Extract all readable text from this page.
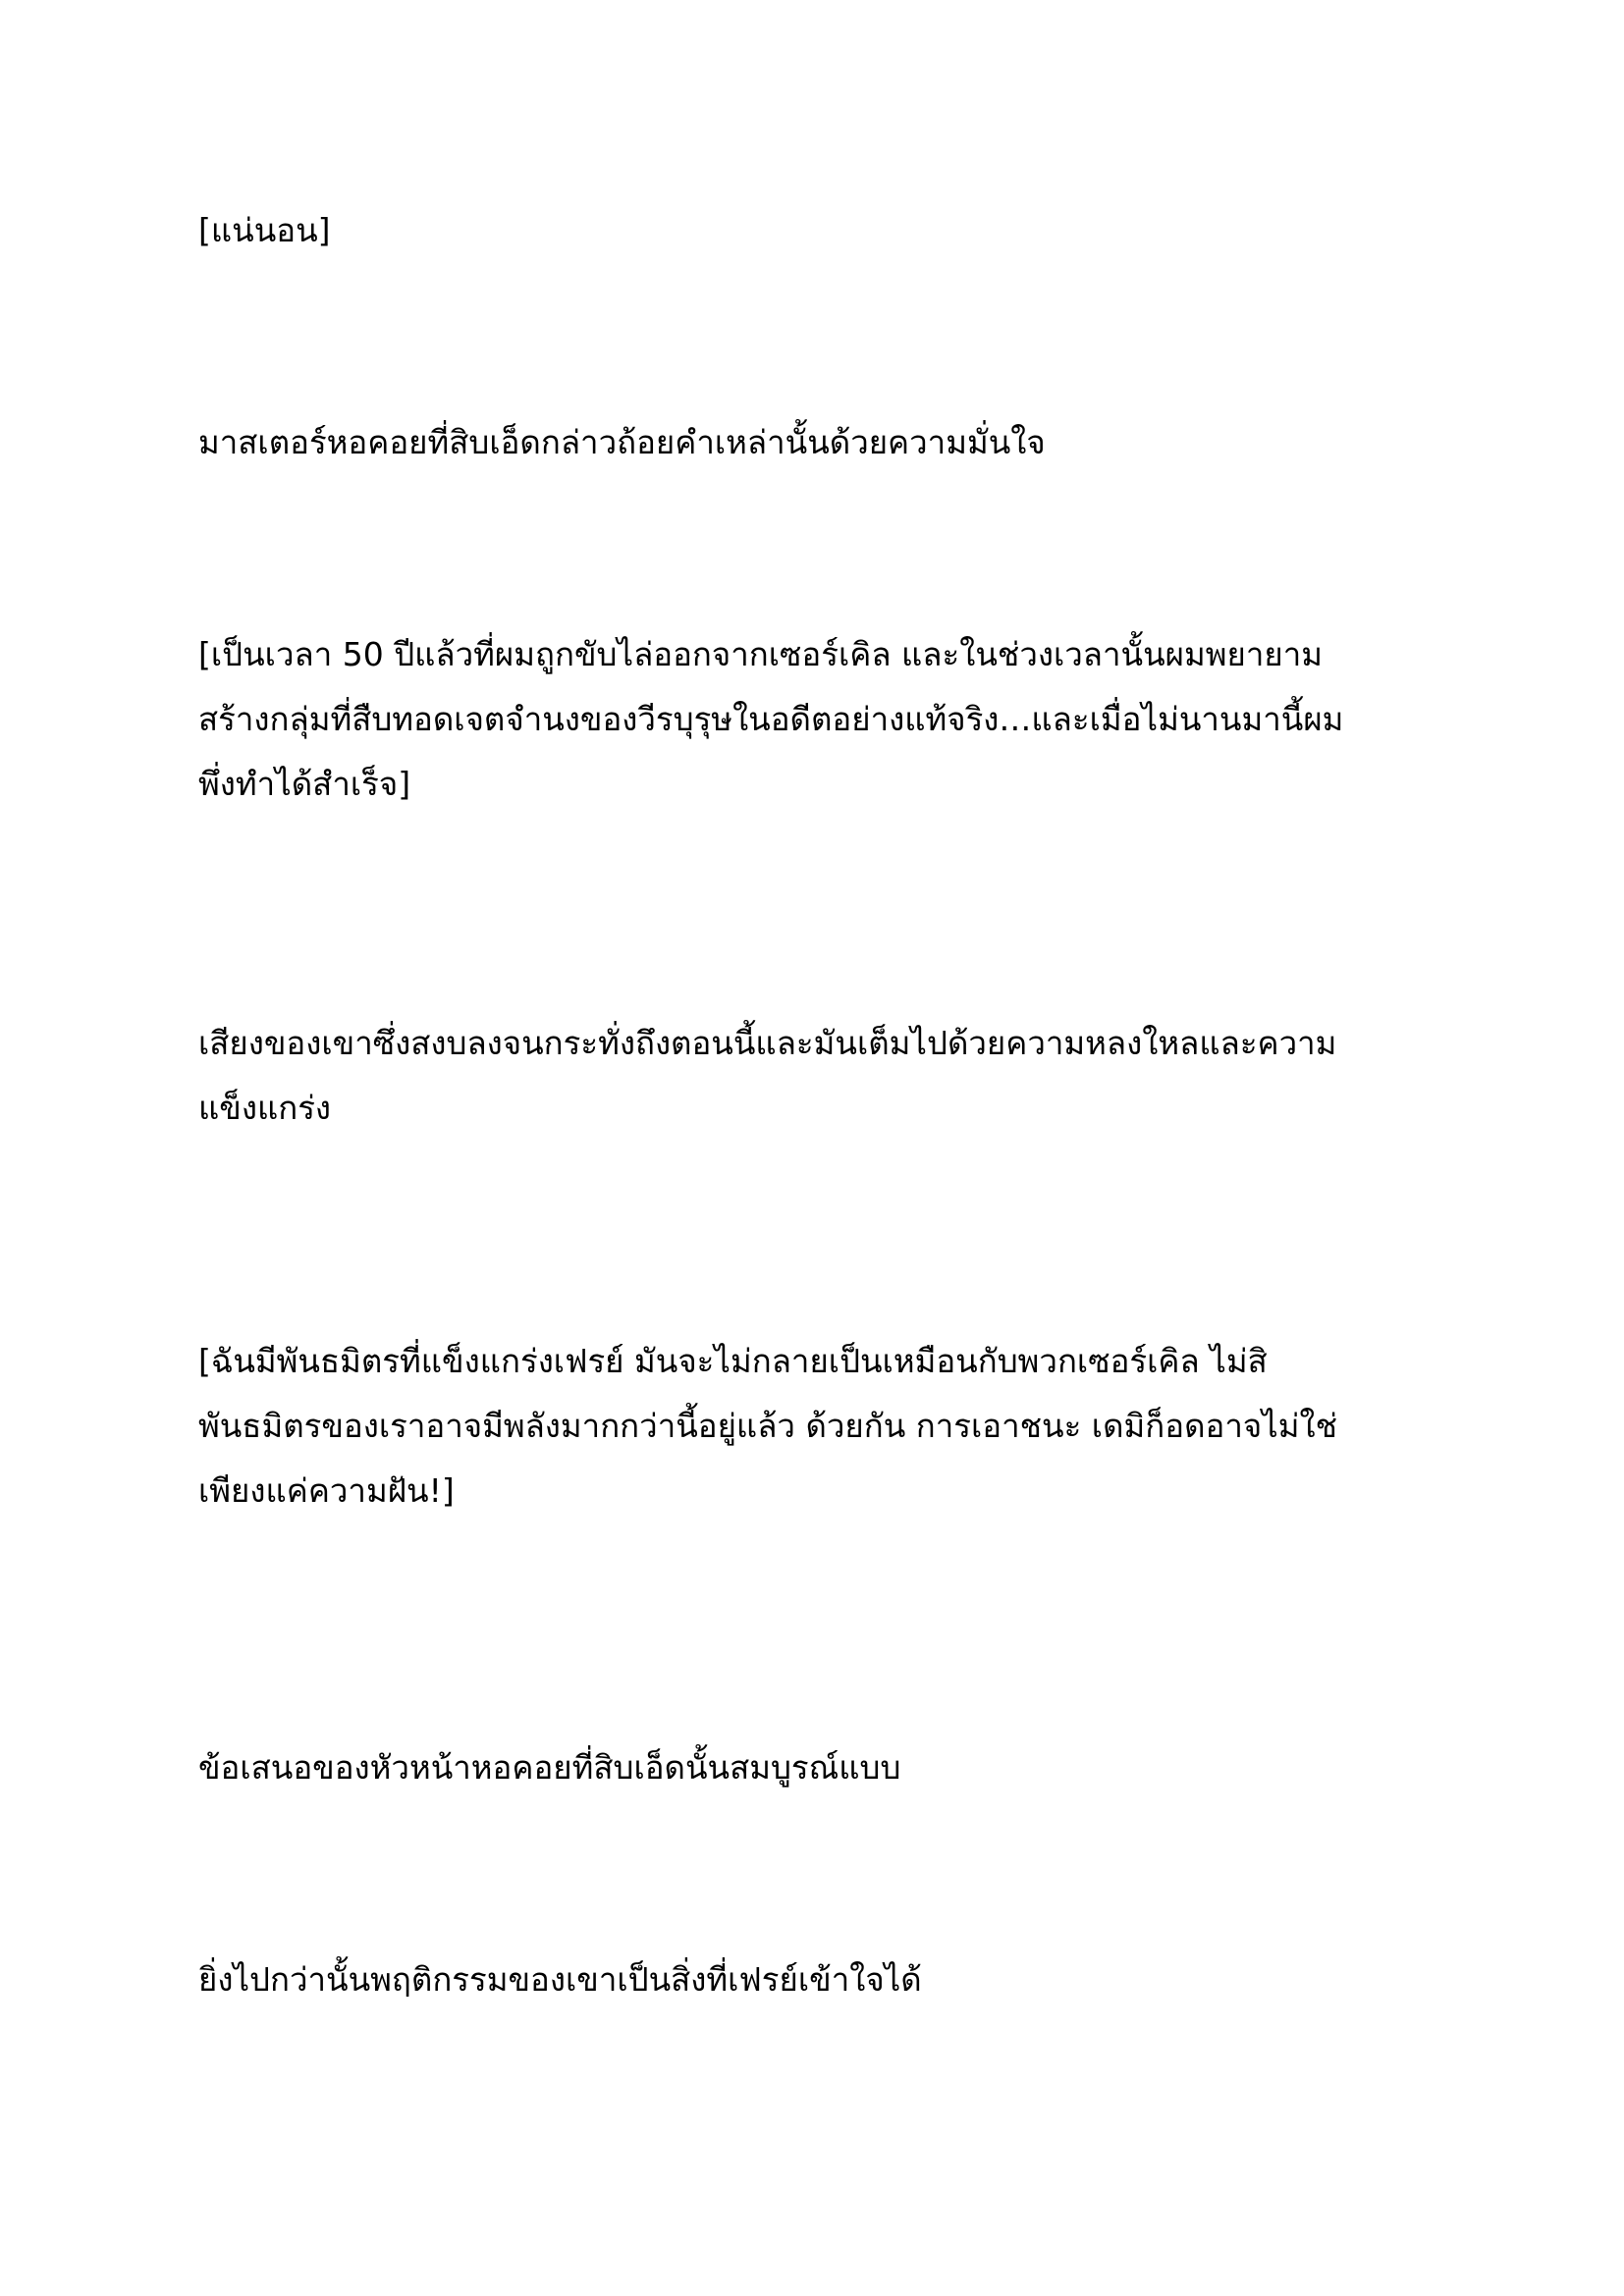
[แน่นอน]

มาสเตอร์หอคอยที่สิบเอ็ดกล่าวถ้อยคำเหล่านั้นด้วยความมั่นใจ

[เป็นเวลา 50 ปีแล้วที่ผมถูกขับไล่ออกจากเซอร์เคิล และในช่วงเวลานั้นผมพยายาม
สร้างกลุ่มที่สืบทอดเจตจำนงของวีรบุรุษในอดีตอย่างแท้จริง…และเมื่อไม่นานมานี้ผม
พึ่งทำได้สำเร็จ]

เสียงของเขาซึ่งสงบลงจนกระทั่งถึงตอนนี้และมันเต็มไปด้วยความหลงใหลและความ
แข็งแกร่ง

[ฉันมีพันธมิตรที่แข็งแกร่งเฟรย์ มันจะไม่กลายเป็นเหมือนกับพวกเซอร์เคิล ไม่สิ
พันธมิตรของเราอาจมีพลังมากกว่านี้อยู่แล้ว ด้วยกัน การเอาชนะ เดมิก็อดอาจไม่ใช่
เพียงแค่ความฝัน!]

ข้อเสนอของหัวหน้าหอคอยที่สิบเอ็ดนั้นสมบูรณ์แบบ

ยิ่งไปกว่านั้นพฤติกรรมของเขาเป็นสิ่งที่เฟรย์เข้าใจได้
